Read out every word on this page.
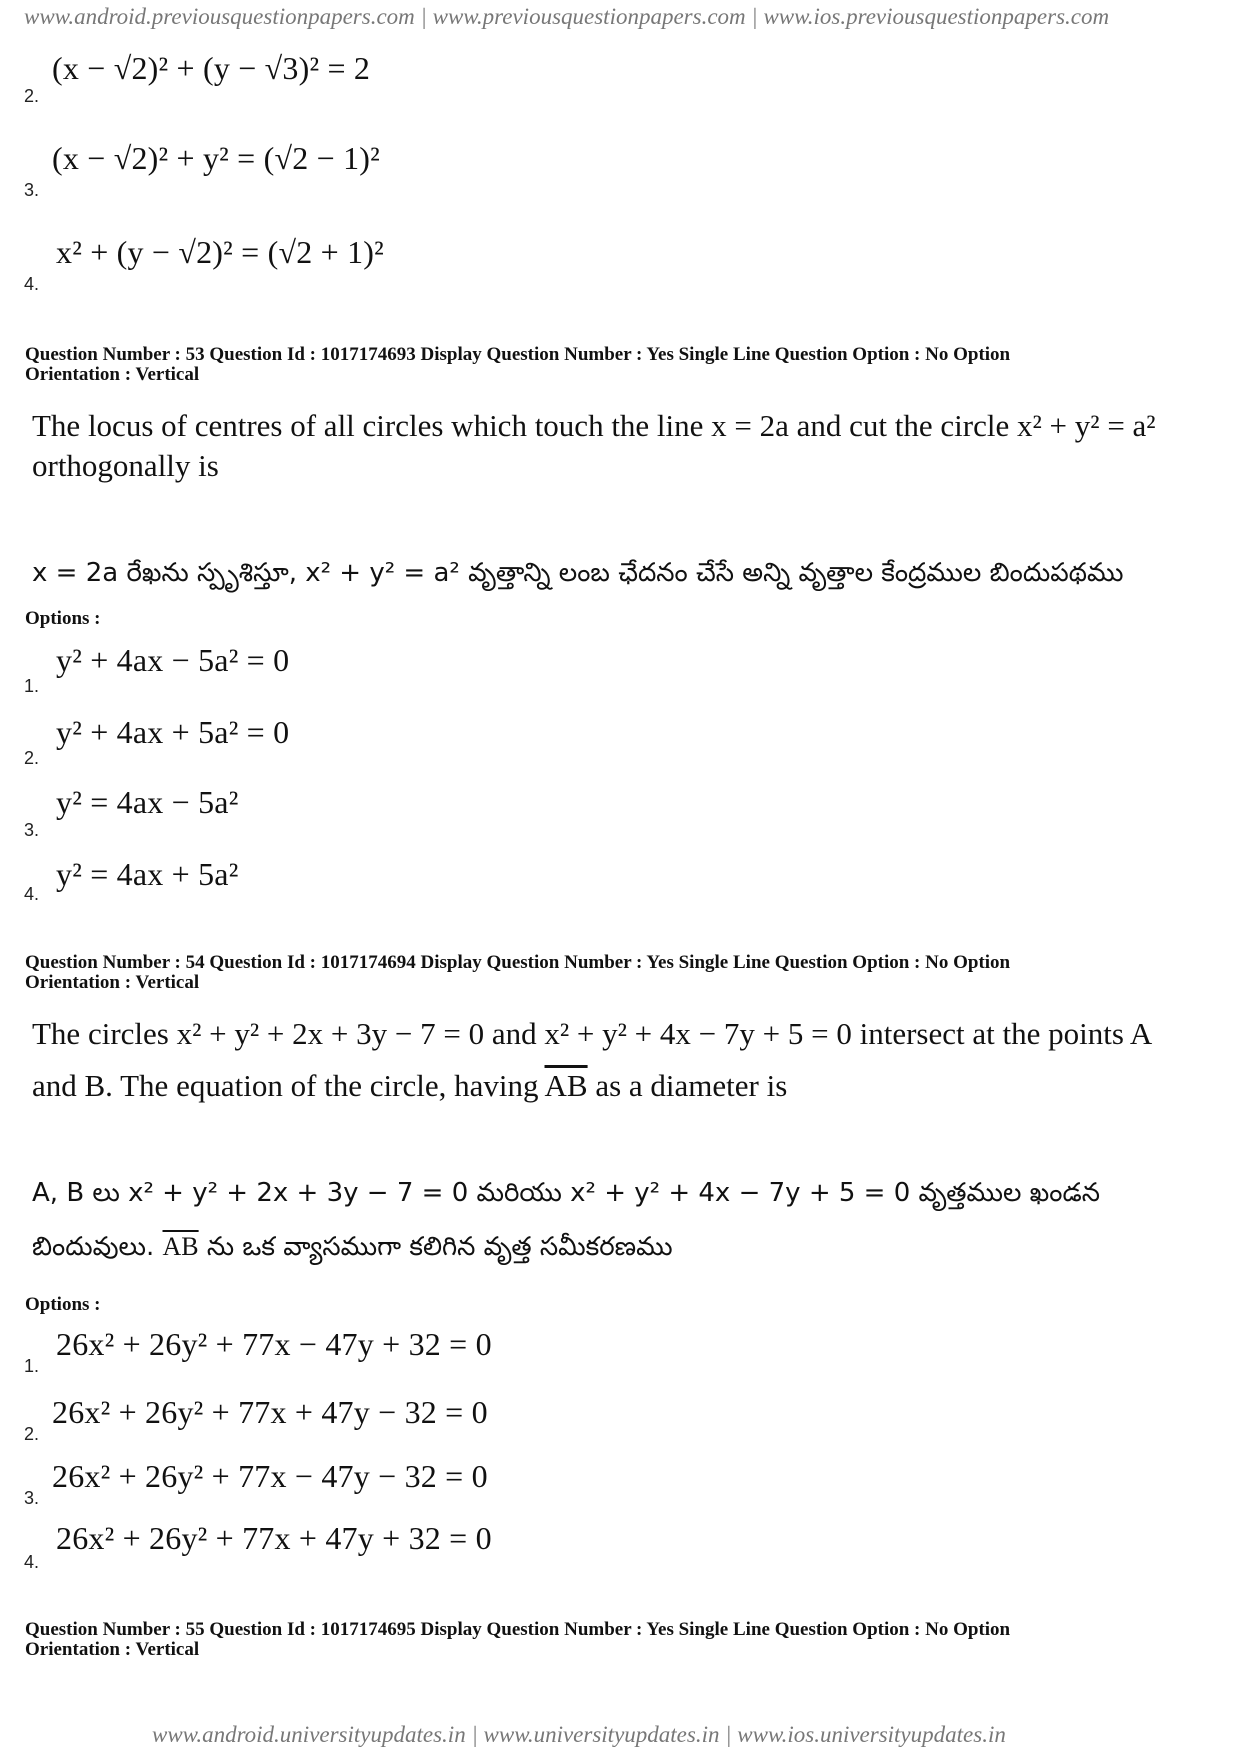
www.android.previousquestionpapers.com | www.previousquestionpapers.com | www.ios.previousquestionpapers.com
2.
(x − √2)² + (y − √3)² = 2
3.
(x − √2)² + y² = (√2 − 1)²
4.
x² + (y − √2)² = (√2 + 1)²
Question Number : 53 Question Id : 1017174693 Display Question Number : Yes Single Line Question Option : No Option
Orientation : Vertical
The locus of centres of all circles which touch the line x = 2a and cut the circle x² + y² = a²
orthogonally is
x = 2a రేఖను స్పృశిస్తూ, x² + y² = a² వృత్తాన్ని లంబ ఛేదనం చేసే అన్ని వృత్తాల కేంద్రముల బిందుపథము
Options :
1.
y² + 4ax − 5a² = 0
2.
y² + 4ax + 5a² = 0
3.
y² = 4ax − 5a²
4.
y² = 4ax + 5a²
Question Number : 54 Question Id : 1017174694 Display Question Number : Yes Single Line Question Option : No Option
Orientation : Vertical
The circles x² + y² + 2x + 3y − 7 = 0 and x² + y² + 4x − 7y + 5 = 0 intersect at the points A
and B. The equation of the circle, having $\overline{AB}$ as a diameter is
A, B లు x² + y² + 2x + 3y − 7 = 0 మరియు x² + y² + 4x − 7y + 5 = 0 వృత్తముల ఖండన
బిందువులు. $\overline{AB}$ ను ఒక వ్యాసముగా కలిగిన వృత్త సమీకరణము
Options :
1.
26x² + 26y² + 77x − 47y + 32 = 0
2.
26x² + 26y² + 77x + 47y − 32 = 0
3.
26x² + 26y² + 77x − 47y − 32 = 0
4.
26x² + 26y² + 77x + 47y + 32 = 0
Question Number : 55 Question Id : 1017174695 Display Question Number : Yes Single Line Question Option : No Option
Orientation : Vertical
www.android.universityupdates.in | www.universityupdates.in | www.ios.universityupdates.in
